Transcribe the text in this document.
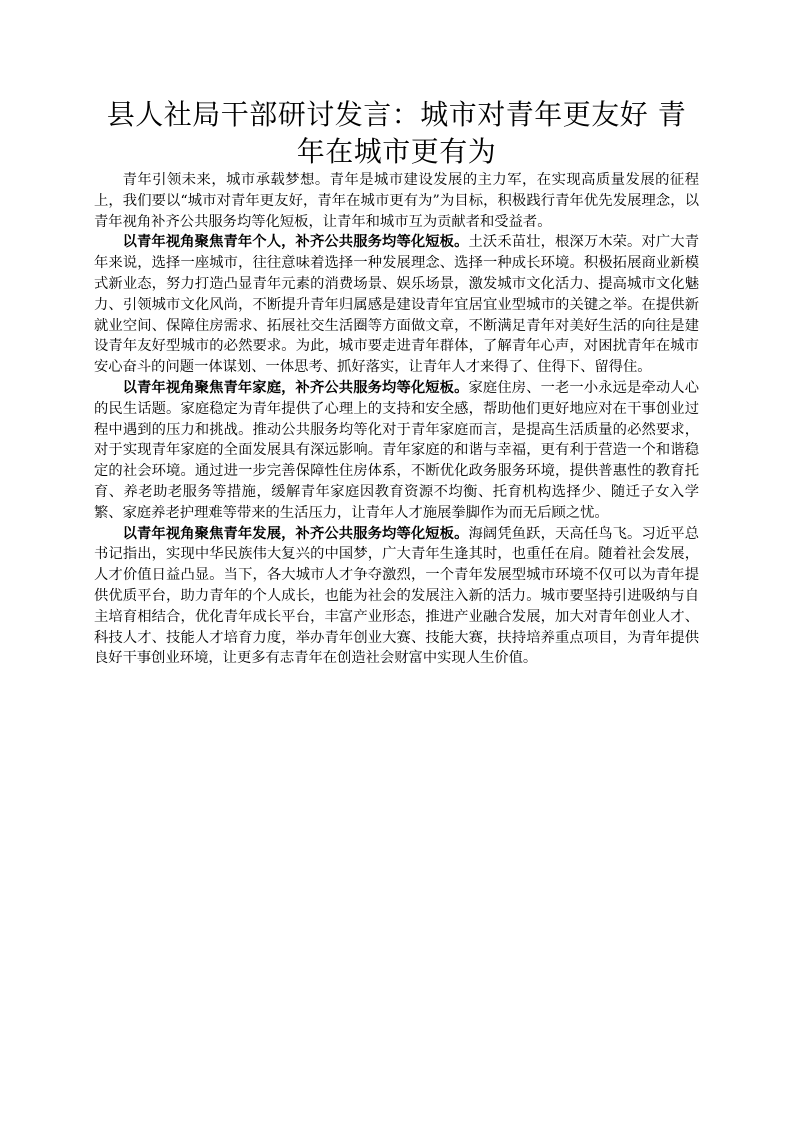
县人社局干部研讨发言：城市对青年更友好 青年在城市更有为

青年引领未来，城市承载梦想。青年是城市建设发展的主力军，在实现高质量发展的征程上，我们要以“城市对青年更友好，青年在城市更有为”为目标，积极践行青年优先发展理念，以青年视角补齐公共服务均等化短板，让青年和城市互为贡献者和受益者。

以青年视角聚焦青年个人，补齐公共服务均等化短板。土沃禾苗壮，根深万木荣。对广大青年来说，选择一座城市，往往意味着选择一种发展理念、选择一种成长环境。积极拓展商业新模式新业态，努力打造凸显青年元素的消费场景、娱乐场景，激发城市文化活力、提高城市文化魅力、引领城市文化风尚，不断提升青年归属感是建设青年宜居宜业型城市的关键之举。在提供新就业空间、保障住房需求、拓展社交生活圈等方面做文章，不断满足青年对美好生活的向往是建设青年友好型城市的必然要求。为此，城市要走进青年群体，了解青年心声，对困扰青年在城市安心奋斗的问题一体谋划、一体思考、抓好落实，让青年人才来得了、住得下、留得住。

以青年视角聚焦青年家庭，补齐公共服务均等化短板。家庭住房、一老一小永远是牵动人心的民生话题。家庭稳定为青年提供了心理上的支持和安全感，帮助他们更好地应对在干事创业过程中遇到的压力和挑战。推动公共服务均等化对于青年家庭而言，是提高生活质量的必然要求，对于实现青年家庭的全面发展具有深远影响。青年家庭的和谐与幸福，更有利于营造一个和谐稳定的社会环境。通过进一步完善保障性住房体系，不断优化政务服务环境，提供普惠性的教育托育、养老助老服务等措施，缓解青年家庭因教育资源不均衡、托育机构选择少、随迁子女入学繁、家庭养老护理难等带来的生活压力，让青年人才施展拳脚作为而无后顾之忧。

以青年视角聚焦青年发展，补齐公共服务均等化短板。海阔凭鱼跃，天高任鸟飞。习近平总书记指出，实现中华民族伟大复兴的中国梦，广大青年生逢其时，也重任在肩。随着社会发展，人才价值日益凸显。当下，各大城市人才争夺激烈，一个青年发展型城市环境不仅可以为青年提供优质平台，助力青年的个人成长，也能为社会的发展注入新的活力。城市要坚持引进吸纳与自主培育相结合，优化青年成长平台，丰富产业形态，推进产业融合发展，加大对青年创业人才、科技人才、技能人才培育力度，举办青年创业大赛、技能大赛，扶持培养重点项目，为青年提供良好干事创业环境，让更多有志青年在创造社会财富中实现人生价值。
